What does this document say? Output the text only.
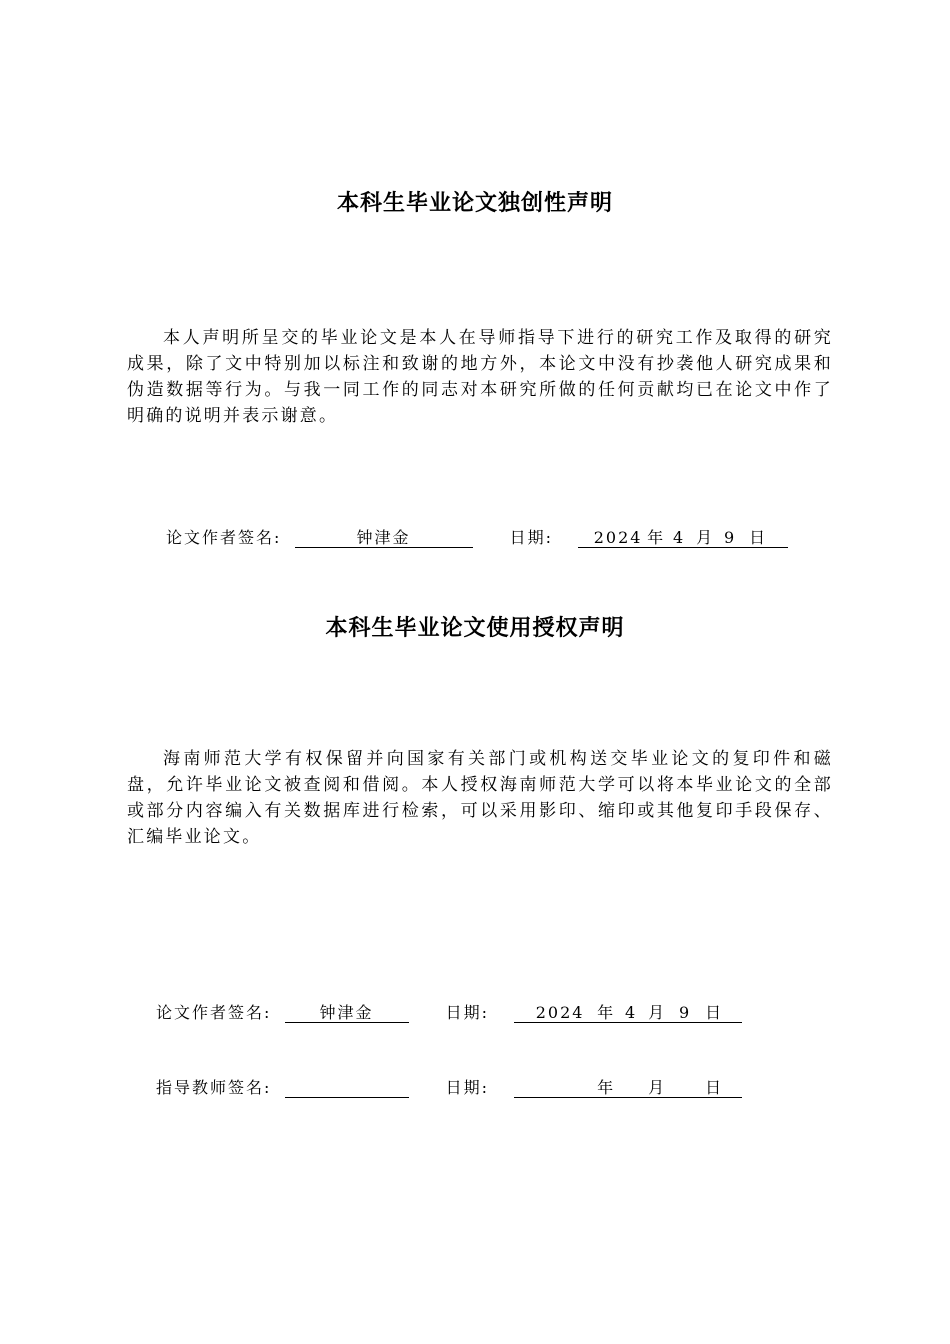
本科生毕业论文独创性声明
本人声明所呈交的毕业论文是本人在导师指导下进行的研究工作及取得的研究成果，除了文中特别加以标注和致谢的地方外，本论文中没有抄袭他人研究成果和伪造数据等行为。与我一同工作的同志对本研究所做的任何贡献均已在论文中作了明确的说明并表示谢意。
论文作者签名:	钟津金	日期:	2024 年 4 月 9 日
本科生毕业论文使用授权声明
海南师范大学有权保留并向国家有关部门或机构送交毕业论文的复印件和磁盘，允许毕业论文被查阅和借阅。本人授权海南师范大学可以将本毕业论文的全部或部分内容编入有关数据库进行检索，可以采用影印、缩印或其他复印手段保存、汇编毕业论文。
论文作者签名:	钟津金	日期:	2024 年 4 月 9 日
指导教师签名:	日期:	年 月 日
